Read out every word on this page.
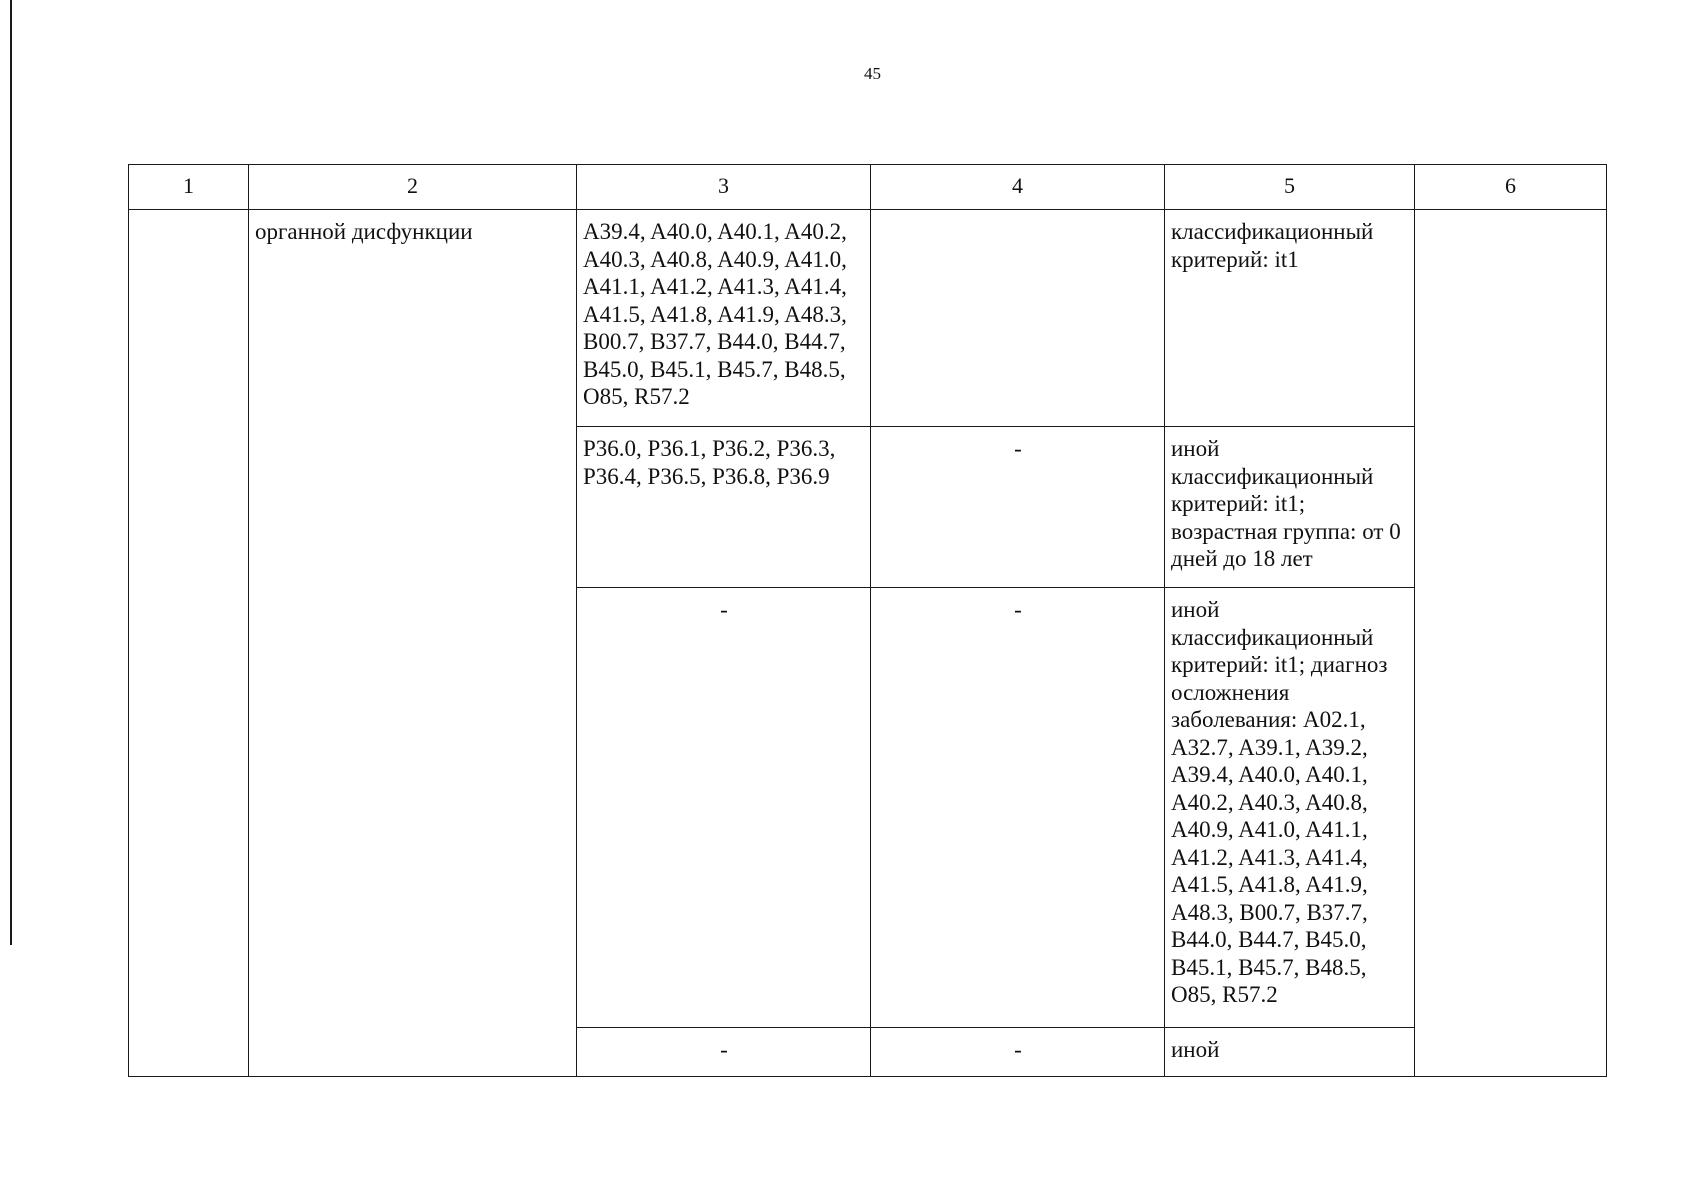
45
1	2	3	4	5	6
	органной дисфункции	A39.4, A40.0, A40.1, A40.2, A40.3, A40.8, A40.9, A41.0, A41.1, A41.2, A41.3, A41.4, A41.5, A41.8, A41.9, A48.3, B00.7, B37.7, B44.0, B44.7, B45.0, B45.1, B45.7, B48.5, O85, R57.2		классификационный критерий: it1	
		P36.0, P36.1, P36.2, P36.3, P36.4, P36.5, P36.8, P36.9	-	иной классификационный критерий: it1; возрастная группа: от 0 дней до 18 лет	
		-	-	иной классификационный критерий: it1; диагноз осложнения заболевания: A02.1, A32.7, A39.1, A39.2, A39.4, A40.0, A40.1, A40.2, A40.3, A40.8, A40.9, A41.0, A41.1, A41.2, A41.3, A41.4, A41.5, A41.8, A41.9, A48.3, B00.7, B37.7, B44.0, B44.7, B45.0, B45.1, B45.7, B48.5, O85, R57.2	
		-	-	иной	
